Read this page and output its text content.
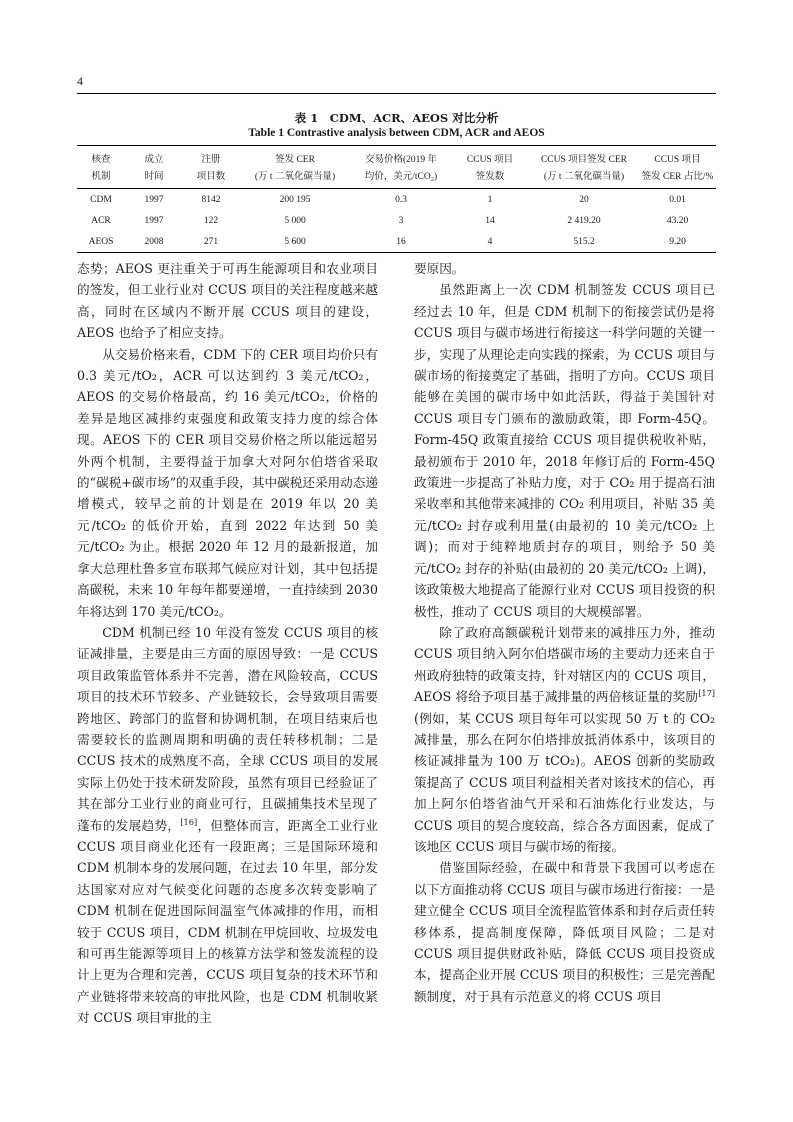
4
表 1　CDM、ACR、AEOS 对比分析
Table 1 Contrastive analysis between CDM, ACR and AEOS
核查	成立	注册	签发 CER	交易价格(2019 年	CCUS 项目	CCUS 项目签发 CER	CCUS 项目
机制	时间	项目数	(万 t 二氧化碳当量)	均价，美元/tCO₂)	签发数	(万 t 二氧化碳当量)	签发 CER 占比/%
CDM	1997	8142	200 195	0.3	1	20	0.01
ACR	1997	122	5 000	3	14	2 419.20	43.20
AEOS	2008	271	5 600	16	4	515.2	9.20

态势；AEOS 更注重关于可再生能源项目和农业项目的签发，但工业行业对 CCUS 项目的关注程度越来越高，同时在区域内不断开展 CCUS 项目的建设，AEOS 也给予了相应支持。

从交易价格来看，CDM 下的 CER 项目均价只有 0.3 美元/tO₂，ACR 可以达到约 3 美元/tCO₂，AEOS 的交易价格最高，约 16 美元/tCO₂，价格的差异是地区减排约束强度和政策支持力度的综合体现。AEOS 下的 CER 项目交易价格之所以能远超另外两个机制，主要得益于加拿大对阿尔伯塔省采取的“碳税+碳市场”的双重手段，其中碳税还采用动态递增模式，较早之前的计划是在 2019 年以 20 美元/tCO₂ 的低价开始，直到 2022 年达到 50 美元/tCO₂ 为止。根据 2020 年 12 月的最新报道，加拿大总理杜鲁多宣布联邦气候应对计划，其中包括提高碳税，未来 10 年每年都要递增，一直持续到 2030 年将达到 170 美元/tCO₂。

CDM 机制已经 10 年没有签发 CCUS 项目的核证减排量，主要是由三方面的原因导致：一是 CCUS 项目政策监管体系并不完善，潜在风险较高，CCUS 项目的技术环节较多、产业链较长，会导致项目需要跨地区、跨部门的监督和协调机制，在项目结束后也需要较长的监测周期和明确的责任转移机制；二是 CCUS 技术的成熟度不高，全球 CCUS 项目的发展实际上仍处于技术研发阶段，虽然有项目已经验证了其在部分工业行业的商业可行，且碳捕集技术呈现了蓬布的发展趋势，[16]，但整体而言，距离全工业行业 CCUS 项目商业化还有一段距离；三是国际环境和 CDM 机制本身的发展问题，在过去 10 年里，部分发达国家对应对气候变化问题的态度多次转变影响了 CDM 机制在促进国际间温室气体减排的作用，而相较于 CCUS 项目，CDM 机制在甲烷回收、垃圾发电和可再生能源等项目上的核算方法学和签发流程的设计上更为合理和完善，CCUS 项目复杂的技术环节和产业链将带来较高的审批风险，也是 CDM 机制收紧对 CCUS 项目审批的主

要原因。

虽然距离上一次 CDM 机制签发 CCUS 项目已经过去 10 年，但是 CDM 机制下的衔接尝试仍是将 CCUS 项目与碳市场进行衔接这一科学问题的关键一步，实现了从理论走向实践的探索，为 CCUS 项目与碳市场的衔接奠定了基础，指明了方向。CCUS 项目能够在美国的碳市场中如此活跃，得益于美国针对 CCUS 项目专门颁布的激励政策，即 Form-45Q。Form-45Q 政策直接给 CCUS 项目提供税收补贴，最初颁布于 2010 年，2018 年修订后的 Form-45Q 政策进一步提高了补贴力度，对于 CO₂ 用于提高石油采收率和其他带来减排的 CO₂ 利用项目，补贴 35 美元/tCO₂ 封存或利用量(由最初的 10 美元/tCO₂ 上调)；而对于纯粹地质封存的项目，则给予 50 美元/tCO₂ 封存的补贴(由最初的 20 美元/tCO₂ 上调)，该政策极大地提高了能源行业对 CCUS 项目投资的积极性，推动了 CCUS 项目的大规模部署。

除了政府高额碳税计划带来的减排压力外，推动 CCUS 项目纳入阿尔伯塔碳市场的主要动力还来自于州政府独特的政策支持，针对辖区内的 CCUS 项目，AEOS 将给予项目基于减排量的两倍核证量的奖励[17](例如，某 CCUS 项目每年可以实现 50 万 t 的 CO₂ 减排量，那么在阿尔伯塔排放抵消体系中，该项目的核证减排量为 100 万 tCO₂)。AEOS 创新的奖励政策提高了 CCUS 项目利益相关者对该技术的信心，再加上阿尔伯塔省油气开采和石油炼化行业发达，与 CCUS 项目的契合度较高，综合各方面因素，促成了该地区 CCUS 项目与碳市场的衔接。

借鉴国际经验，在碳中和背景下我国可以考虑在以下方面推动将 CCUS 项目与碳市场进行衔接：一是建立健全 CCUS 项目全流程监管体系和封存后责任转移体系，提高制度保障，降低项目风险；二是对 CCUS 项目提供财政补贴，降低 CCUS 项目投资成本，提高企业开展 CCUS 项目的积极性；三是完善配额制度，对于具有示范意义的将 CCUS 项目
